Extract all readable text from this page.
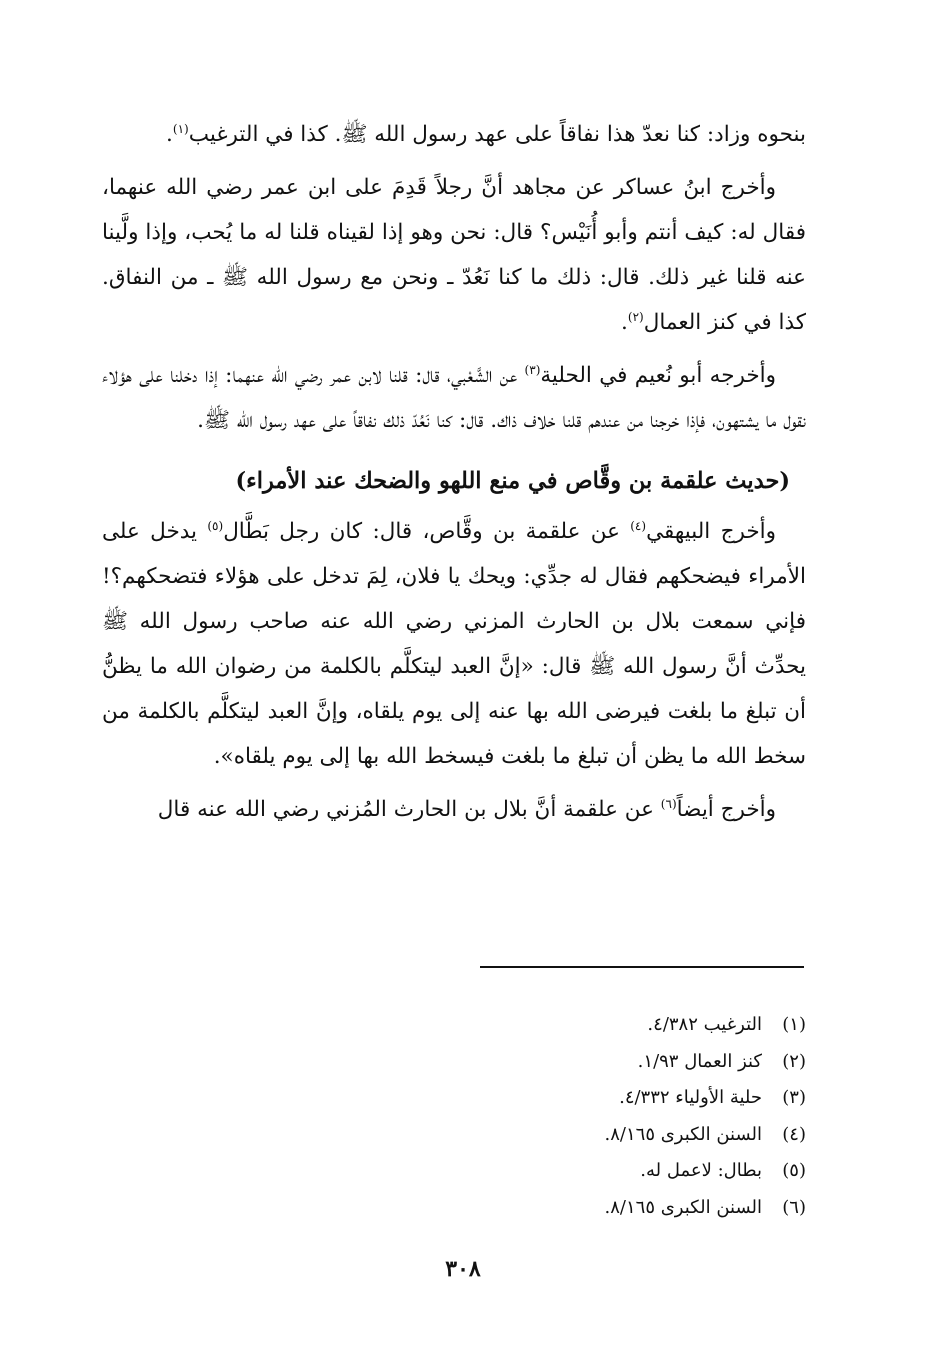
بنحوه وزاد: كنا نعدّ هذا نفاقاً على عهد رسول الله ﷺ. كذا في الترغيب$^{(١)}$.

وأخرج ابنُ عساكر عن مجاهد أنَّ رجلاً قَدِمَ على ابن عمر رضي الله عنهما، فقال له: كيف أنتم وأبو أُنَيْس؟ قال: نحن وهو إذا لقيناه قلنا له ما يُحب، وإذا ولَّينا عنه قلنا غير ذلك. قال: ذلك ما كنا نَعُدّ ـ ونحن مع رسول الله ﷺ ـ من النفاق. كذا في كنز العمال$^{(٢)}$.

وأخرجه أبو نُعيم في الحلية$^{(٣)}$ عن الشَّعْبي، قال: قلنا لابن عمر رضي الله عنهما: إذا دخلنا على هؤلاء نقول ما يشتهون، فإذا خرجنا من عندهم قلنا خلاف ذاك. قال: كنا نَعُدّ ذلك نفاقاً على عهد رسول الله ﷺ.

(حديث علقمة بن وقَّاص في منع اللهو والضحك عند الأمراء)

وأخرج البيهقي$^{(٤)}$ عن علقمة بن وقَّاص، قال: كان رجل بَطَّال$^{(٥)}$ يدخل على الأمراء فيضحكهم فقال له جدِّي: ويحك يا فلان، لِمَ تدخل على هؤلاء فتضحكهم؟! فإني سمعت بلال بن الحارث المزني رضي الله عنه صاحب رسول الله ﷺ يحدِّث أنَّ رسول الله ﷺ قال: «إنَّ العبد ليتكلَّم بالكلمة من رضوان الله ما يظنُّ أن تبلغ ما بلغت فيرضى الله بها عنه إلى يوم يلقاه، وإنَّ العبد ليتكلَّم بالكلمة من سخط الله ما يظن أن تبلغ ما بلغت فيسخط الله بها إلى يوم يلقاه».

وأخرج أيضاً$^{(٦)}$ عن علقمة أنَّ بلال بن الحارث المُزني رضي الله عنه قال

(١)الترغيب ٤/٣٨٢.
(٢)كنز العمال ١/٩٣.
(٣)حلية الأولياء ٤/٣٣٢.
(٤)السنن الكبرى ٨/١٦٥.
(٥)بطال: لاعمل له.
(٦)السنن الكبرى ٨/١٦٥.
٣٠٨
